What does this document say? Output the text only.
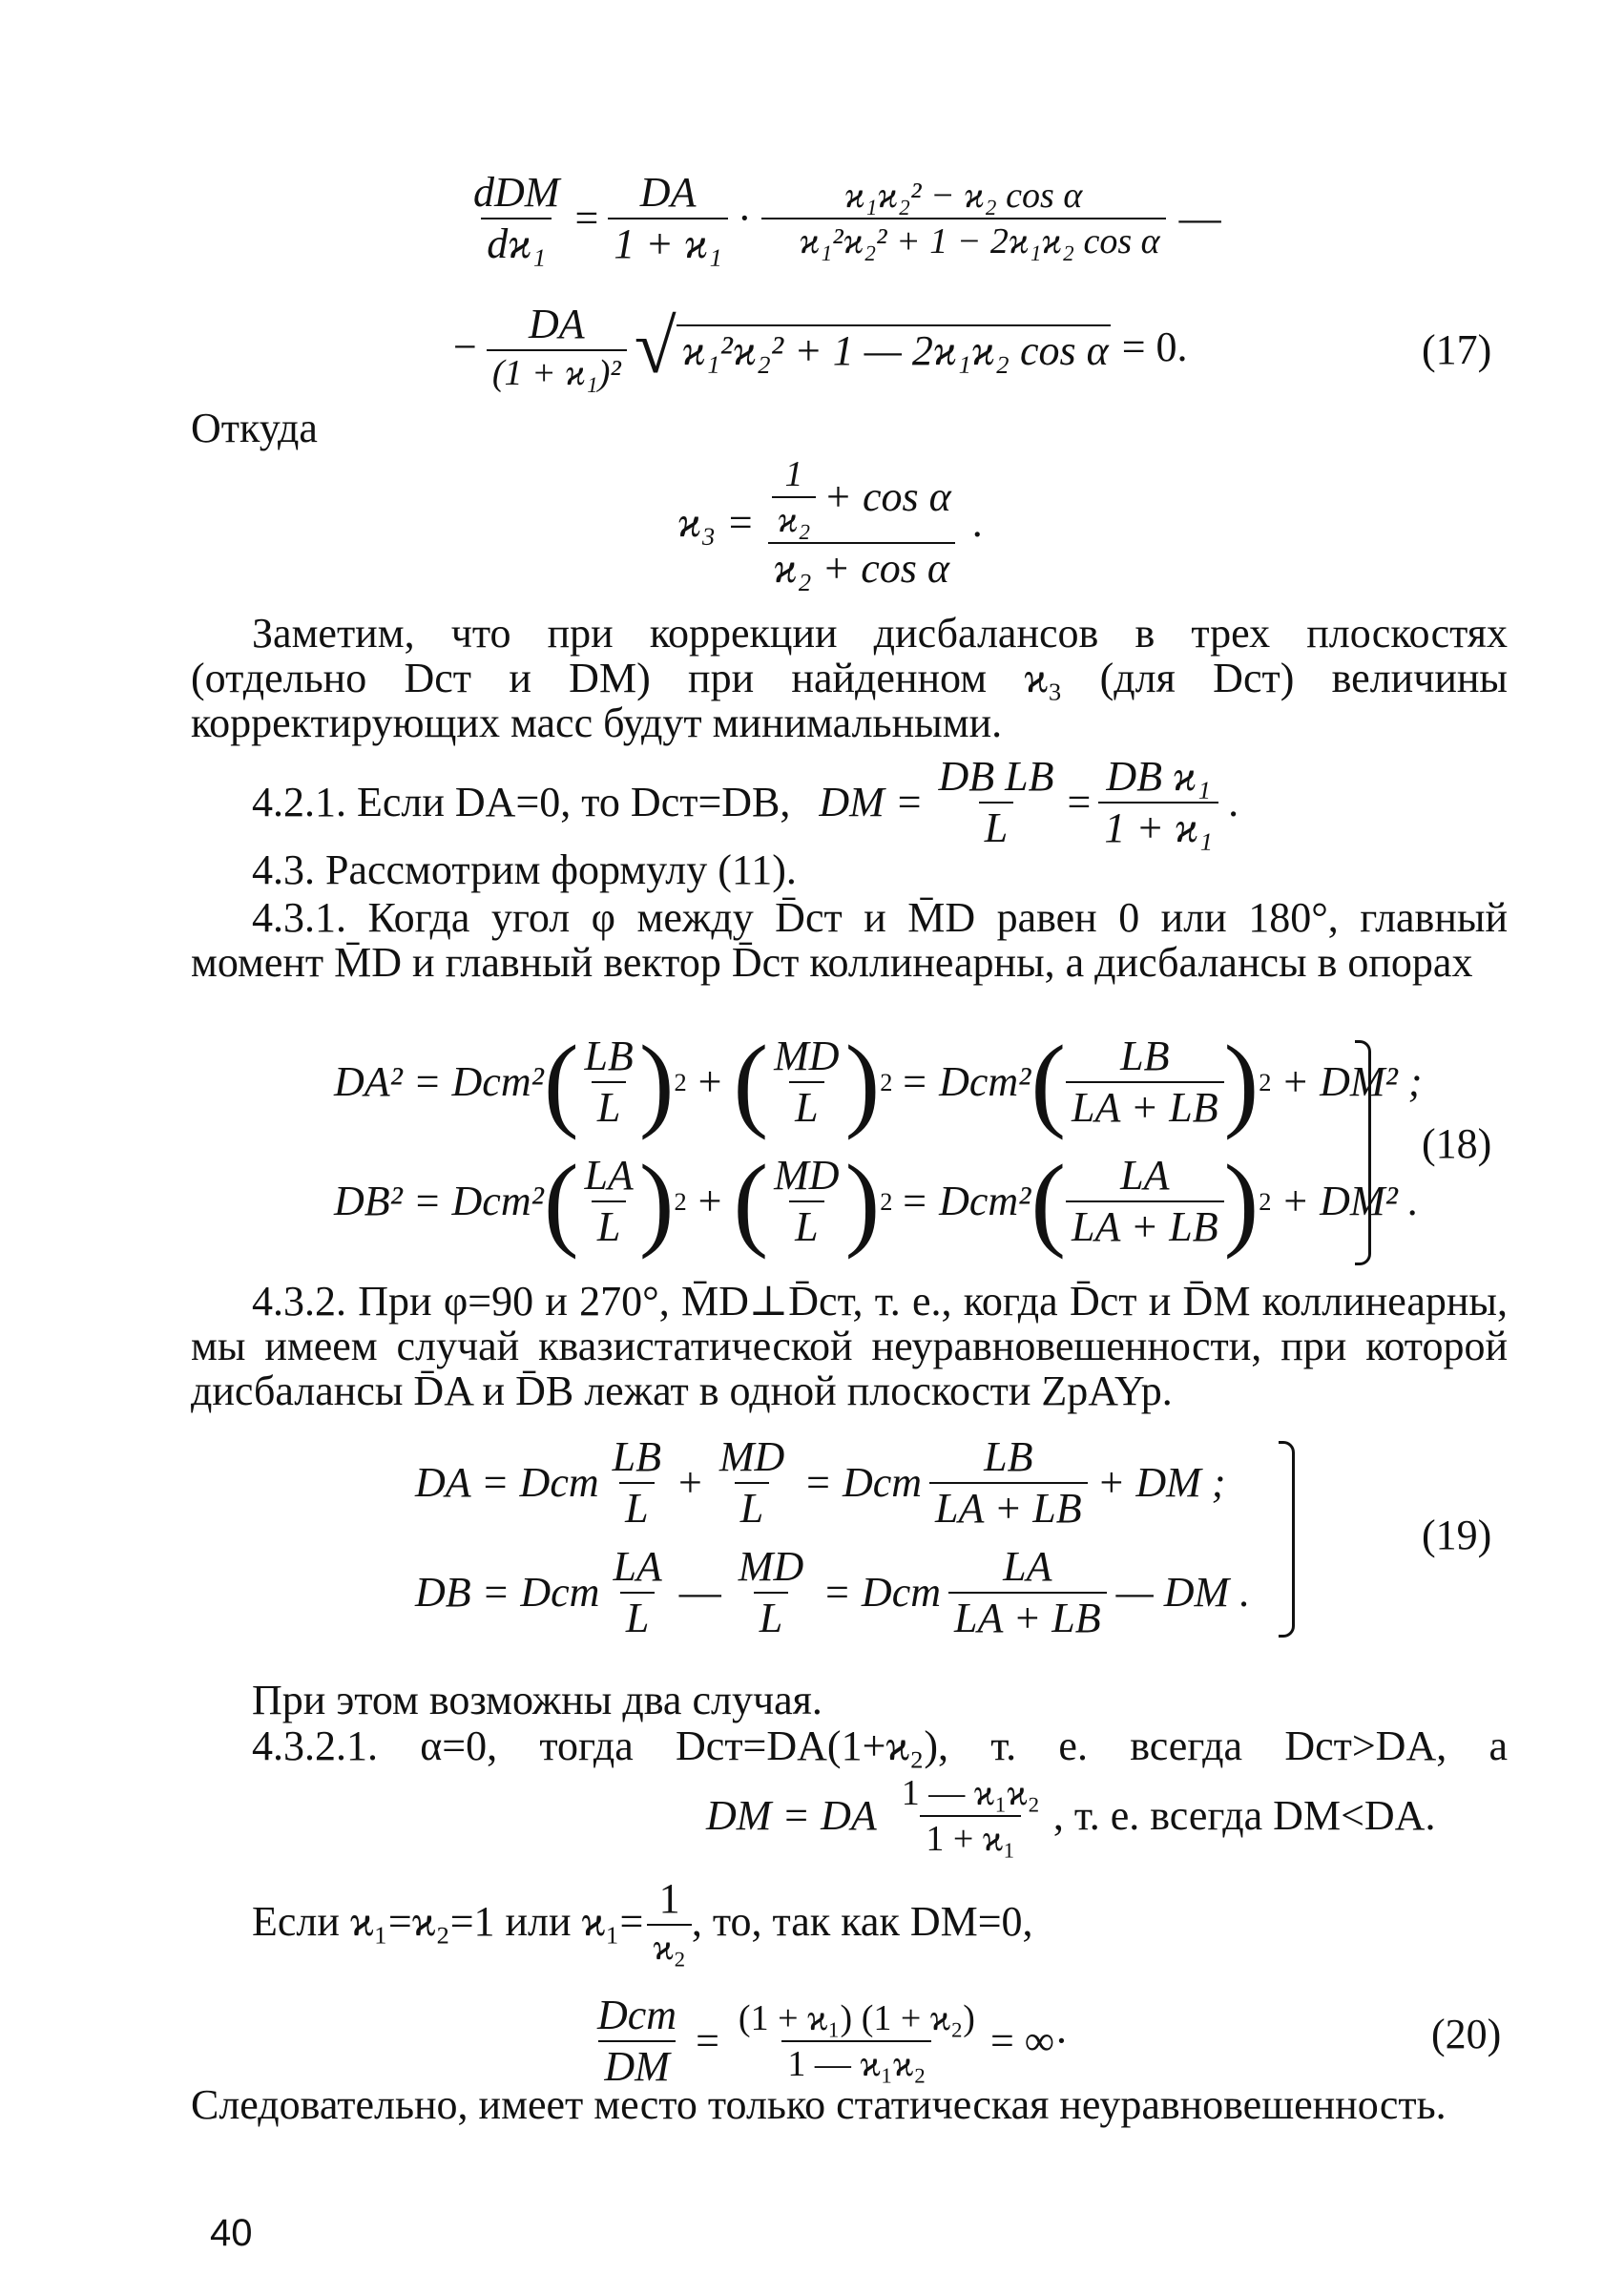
dDM
dϰ₁
= $\frac{DA}{\text{1 + ϰ₁}}$ ·	ϰ₁ϰ₂² − ϰ₂ cos α
ϰ₁²ϰ₂² + 1 − 2ϰ₁ϰ₂ cos α —
− $\frac{DA}{\text{(1 + ϰ₁)²}}$ √ ϰ₁²ϰ₂² + 1 — 2ϰ₁ϰ₂ cos α = 0.	(17)
Откуда
ϰ₃ = 1
ϰ₂ + cos α
ϰ₂ + cos α .
Заметим, что при коррекции дисбалансов в трех плоскостях (отдельно Dст и DM) при найденном ϰ₃ (для Dст) величины корректирующих масс будут минимальными.
4.2.1. Если DA=0, то Dст=DB, DM = $\frac{\text{DB LB}}{L} = \frac{\text{DB ϰ₁}}{\text{1 + ϰ₁}}$ .
4.3. Рассмотрим формулу (11).
4.3.1. Когда угол φ между D̄ст и M̄D равен 0 или 180°, главный момент M̄D и главный вектор D̄ст коллинеарны, а дисбалансы в опорах
DA² = Dст² ( LB
L ) 2 + ( MD
L ) 2 = Dст² ( LB
LA + LB ) 2 + DM² ;
DB² = Dст² ( LA
L ) 2 + ( MD
L ) 2 = Dст² ( LA
LA + LB ) 2 + DM² .
(18)
4.3.2. При φ=90 и 270°, M̄D⊥D̄ст, т. е., когда D̄ст и D̄M коллинеарны, мы имеем случай квазистатической неуравновешенности, при которой дисбалансы D̄A и D̄B лежат в одной плоскости ZpAYp.
DA = Dст
LB
L
+ $\frac{MD}{L}$ = Dст
LB
LA + LB
+ DM ;
DB = Dст
LA
L
— $\frac{MD}{L}$ = Dст
LA
LA + LB
— DM .
(19)
При этом возможны два случая.
4.3.2.1. α=0, тогда Dст=DA(1+ϰ₂), т. е. всегда Dст>DA, а
DM = DA 1 — ϰ₁ϰ₂
1 + ϰ₁ , т. е. всегда DM<DA.
Если ϰ₁=ϰ₂=1 или $ϰ_1= \frac{1}{\text{ϰ₂}}$ , то, так как DM=0,
Dст
DM
= $\frac{\text{(1 + ϰ₁) (1 + ϰ₂)}}{\text{1 — ϰ₁ϰ₂}}$ = ∞·	(20)
Следовательно, имеет место только статическая неуравновешенность.
40
